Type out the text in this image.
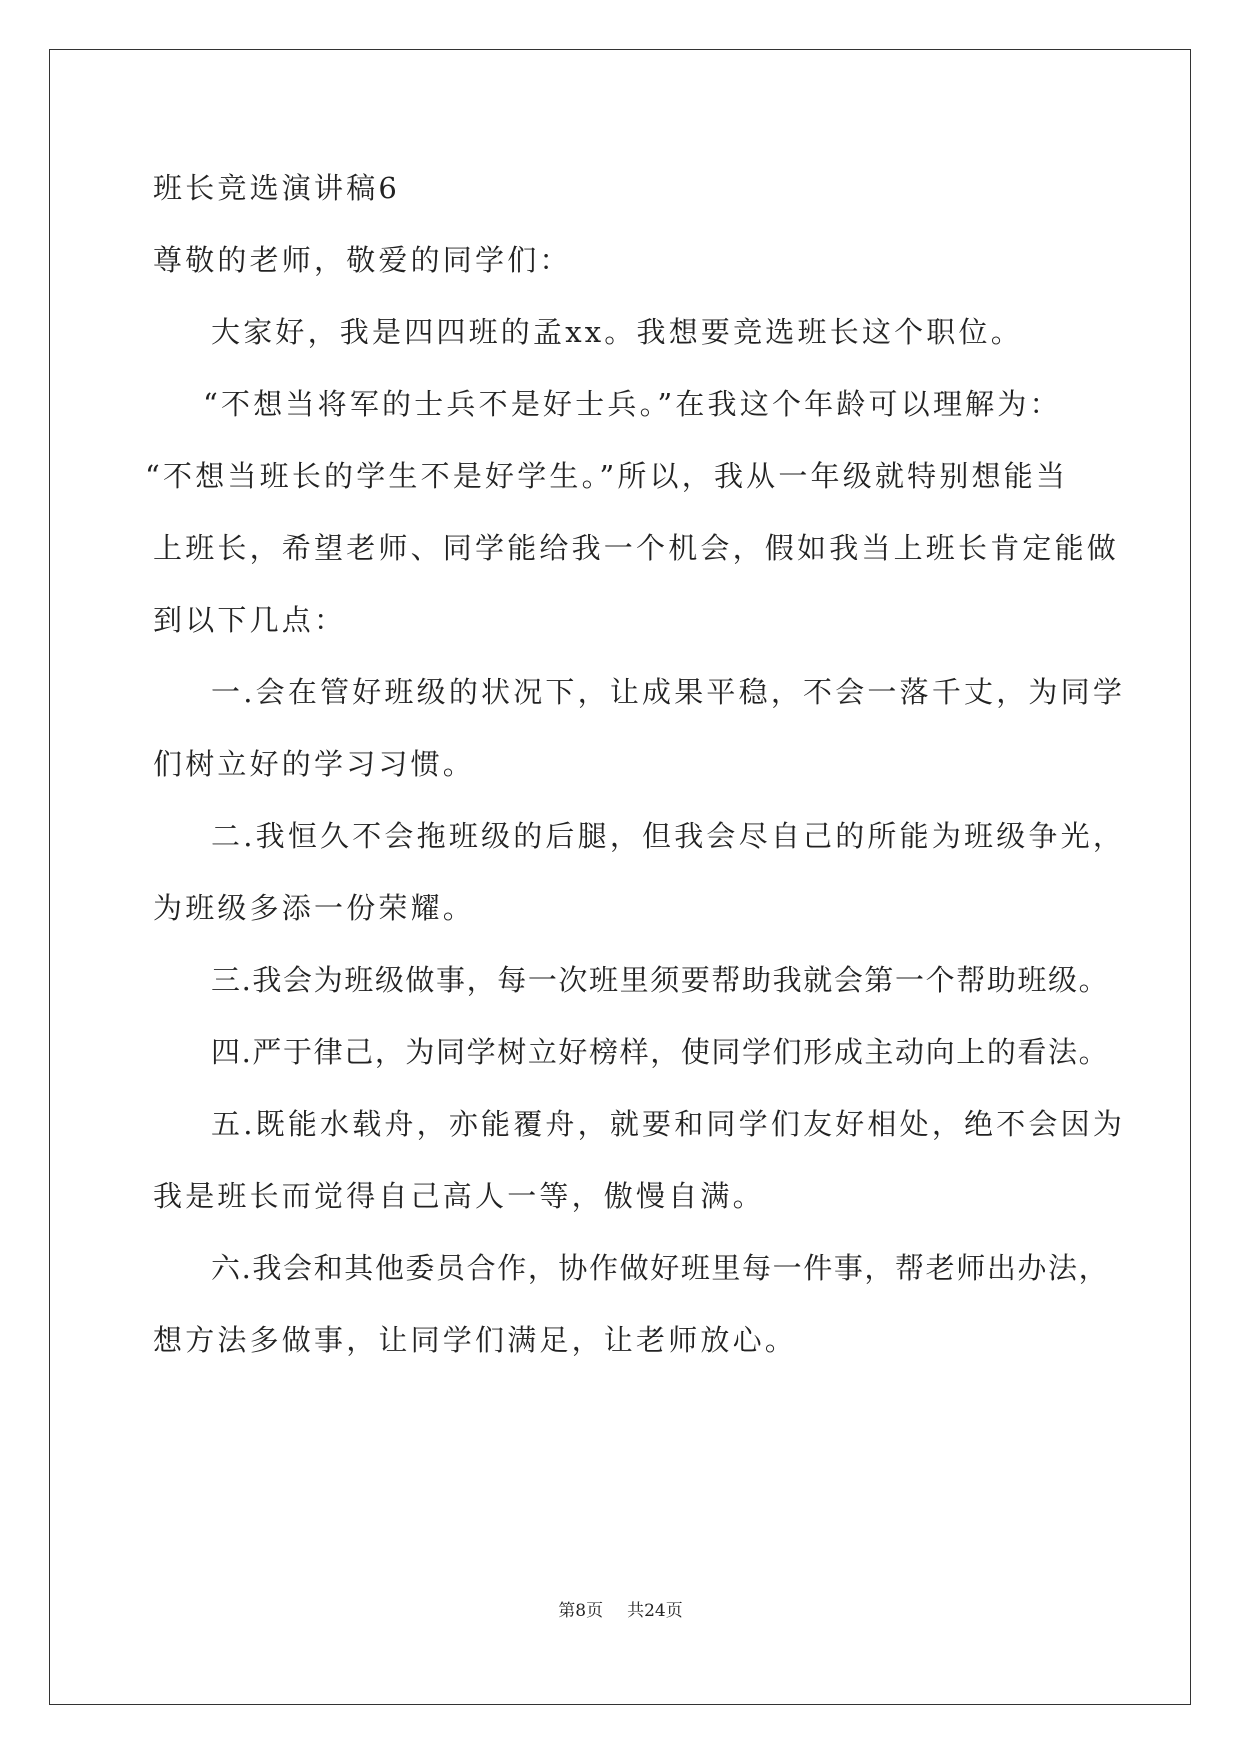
班长竞选演讲稿6
尊敬的老师，敬爱的同学们：
大家好，我是四四班的孟xx。我想要竞选班长这个职位。
“不想当将军的士兵不是好士兵。”在我这个年龄可以理解为：
“不想当班长的学生不是好学生。”所以，我从一年级就特别想能当
上班长，希望老师、同学能给我一个机会，假如我当上班长肯定能做
到以下几点：
一.会在管好班级的状况下，让成果平稳，不会一落千丈，为同学
们树立好的学习习惯。
二.我恒久不会拖班级的后腿，但我会尽自己的所能为班级争光，
为班级多添一份荣耀。
三.我会为班级做事，每一次班里须要帮助我就会第一个帮助班级。
四.严于律己，为同学树立好榜样，使同学们形成主动向上的看法。
五.既能水载舟，亦能覆舟，就要和同学们友好相处，绝不会因为
我是班长而觉得自己高人一等，傲慢自满。
六.我会和其他委员合作，协作做好班里每一件事，帮老师出办法，
想方法多做事，让同学们满足，让老师放心。
第8页 共24页
